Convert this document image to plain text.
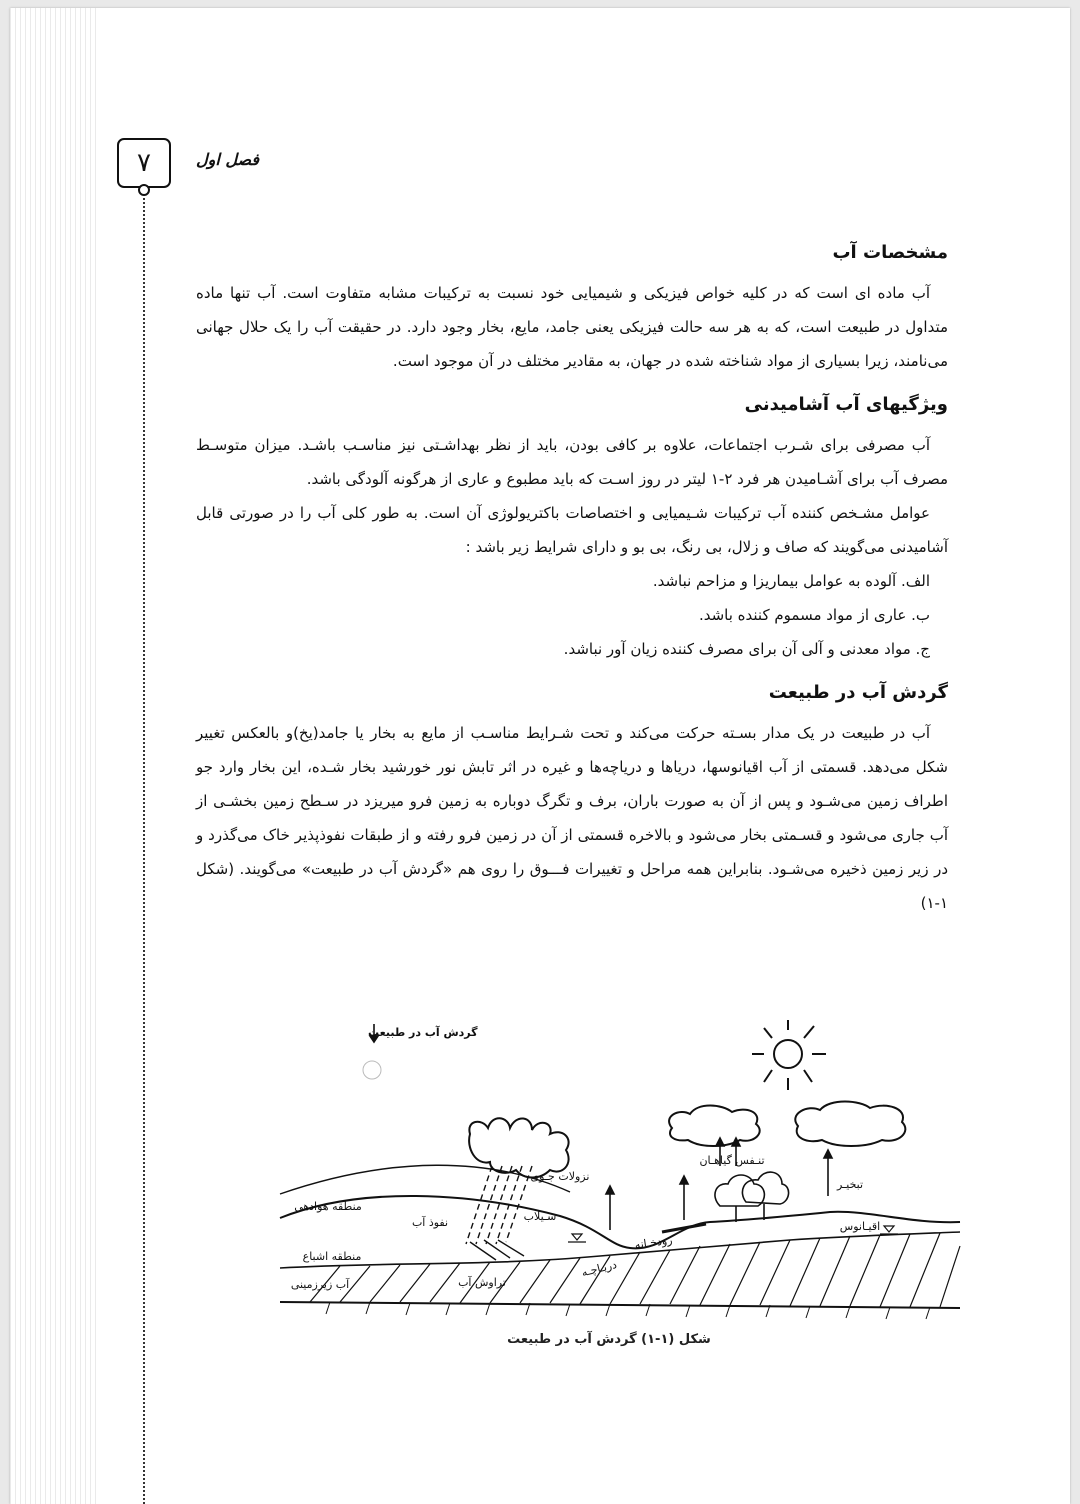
۷	فصل اول
مشخصات آب

آب ماده ای است که در کلیه خواص فیزیکی و شیمیایی خود نسبت به ترکیبات مشابه متفاوت است. آب تنها ماده متداول در طبیعت است، که به هر سه حالت فیزیکی یعنی جامد، مایع، بخار وجود دارد. در حقیقت آب را یک حلال جهانی می‌نامند، زیرا بسیاری از مواد شناخته شده در جهان، به مقادیر مختلف در آن موجود است.

ویژگیهای آب آشامیدنی

آب مصرفی برای شـرب اجتماعات، علاوه بر کافی بودن، باید از نظر بهداشـتی نیز مناسـب باشـد. میزان متوسـط مصرف آب برای آشـامیدن هر فرد ۲-۱ لیتر در روز اسـت که باید مطبوع و عاری از هرگونه آلودگی باشد.

عوامل مشـخص کننده آب ترکیبات شـیمیایی و اختصاصات باکتریولوژی آن است. به طور کلی آب را در صورتی قابل آشامیدنی می‌گویند که صاف و زلال، بی رنگ، بی بو و دارای شرایط زیر باشد :

الف. آلوده به عوامل بیماریزا و مزاحم نباشد.

ب. عاری از مواد مسموم کننده باشد.

ج. مواد معدنی و آلی آن برای مصرف کننده زیان آور نباشد.

گردش آب در طبیعت

آب در طبیعت در یک مدار بسـته حرکت می‌کند و تحت شـرایط مناسـب از مایع به بخار یا جامد(یخ)و بالعکس تغییر شکل می‌دهد. قسمتی از آب اقیانوسها، دریاها و دریاچه‌ها و غیره در اثر تابش نور خورشید بخار شـده، این بخار وارد جو اطراف زمین می‌شـود و پس از آن به صورت باران، برف و تگرگ دوباره به زمین فرو میریزد در سـطح زمین بخشـی از آب جاری می‌شود و قسـمتی بخار می‌شود و بالاخره قسمتی از آن در زمین فرو رفته و از طبقات نفوذپذیر خاک می‌گذرد و در زیر زمین ذخیره می‌شـود. بنابراین همه مراحل و تغییرات فـــوق را روی هم «گردش آب در طبیعت» می‌گویند. (شکل ۱-۱)

گردش آب در طبیعت
نزولات جـوی
تنـفس گیاهـان
تبخیـر
اقیـانوس
سـیلاب
نفوذ آب
منطقه هوادهی
منطقه اشباع
آب زیرزمینی	تراوش آب
دریـاچـه
رودخـانه
شکل (۱-۱) گردش آب در طبیعت
